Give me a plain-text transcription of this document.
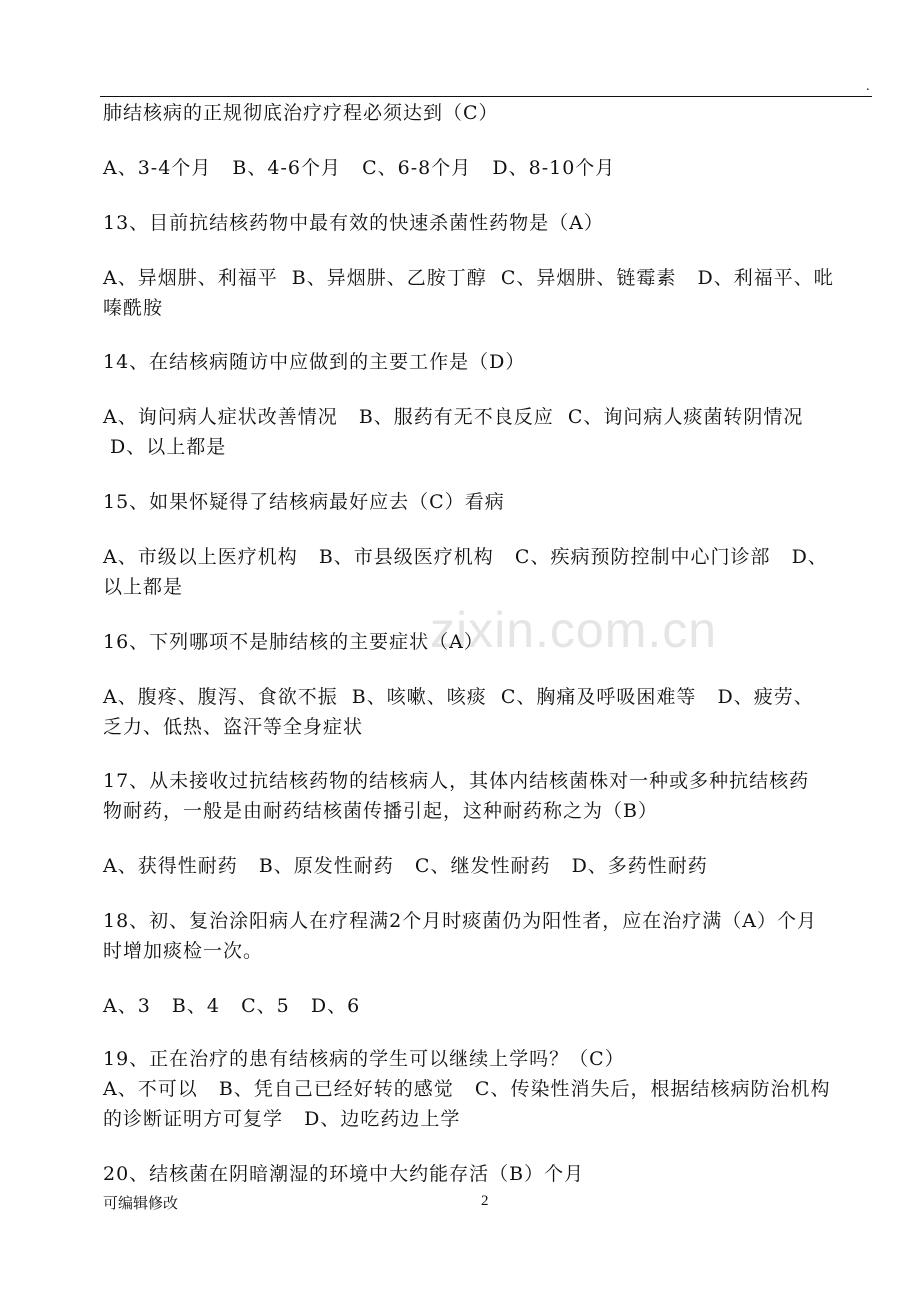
.
zixin.com.cn
肺结核病的正规彻底治疗疗程必须达到（C）
A、3-4个月   B、4-6个月   C、6-8个月   D、8-10个月
13、目前抗结核药物中最有效的快速杀菌性药物是（A）
A、异烟肼、利福平  B、异烟肼、乙胺丁醇  C、异烟肼、链霉素   D、利福平、吡
嗪酰胺
14、在结核病随访中应做到的主要工作是（D）
A、询问病人症状改善情况   B、服药有无不良反应  C、询问病人痰菌转阴情况
D、以上都是
15、如果怀疑得了结核病最好应去（C）看病
A、市级以上医疗机构   B、市县级医疗机构   C、疾病预防控制中心门诊部   D、
以上都是
16、下列哪项不是肺结核的主要症状（A）
A、腹疼、腹泻、食欲不振  B、咳嗽、咳痰  C、胸痛及呼吸困难等   D、疲劳、
乏力、低热、盗汗等全身症状
17、从未接收过抗结核药物的结核病人，其体内结核菌株对一种或多种抗结核药
物耐药，一般是由耐药结核菌传播引起，这种耐药称之为（B）
A、获得性耐药   B、原发性耐药   C、继发性耐药   D、多药性耐药
18、初、复治涂阳病人在疗程满2个月时痰菌仍为阳性者，应在治疗满（A）个月
时增加痰检一次。
A、3   B、4   C、5   D、6
19、正在治疗的患有结核病的学生可以继续上学吗？（C）
A、不可以   B、凭自己已经好转的感觉   C、传染性消失后，根据结核病防治机构
的诊断证明方可复学   D、边吃药边上学
20、结核菌在阴暗潮湿的环境中大约能存活（B）个月
可编辑修改	2
